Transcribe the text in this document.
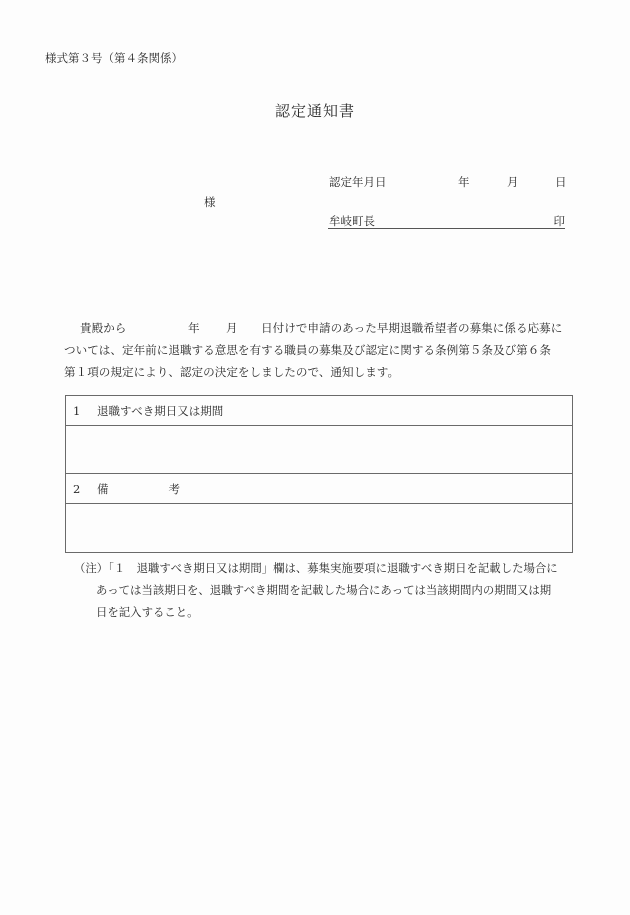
様式第３号（第４条関係）
認定通知書
認定年月日	年	月	日
様
牟岐町長	印
貴殿から	年 月 日付けで申請のあった早期退職希望者の募集に係る応募に
ついては、定年前に退職する意思を有する職員の募集及び認定に関する条例第５条及び第６条
第１項の規定により、認定の決定をしましたので、通知します。
1 退職すべき期日又は期間
2 備	考
（注）「１　退職すべき期日又は期間」欄は、募集実施要項に退職すべき期日を記載した場合に
あっては当該期日を、退職すべき期間を記載した場合にあっては当該期間内の期間又は期
日を記入すること。
